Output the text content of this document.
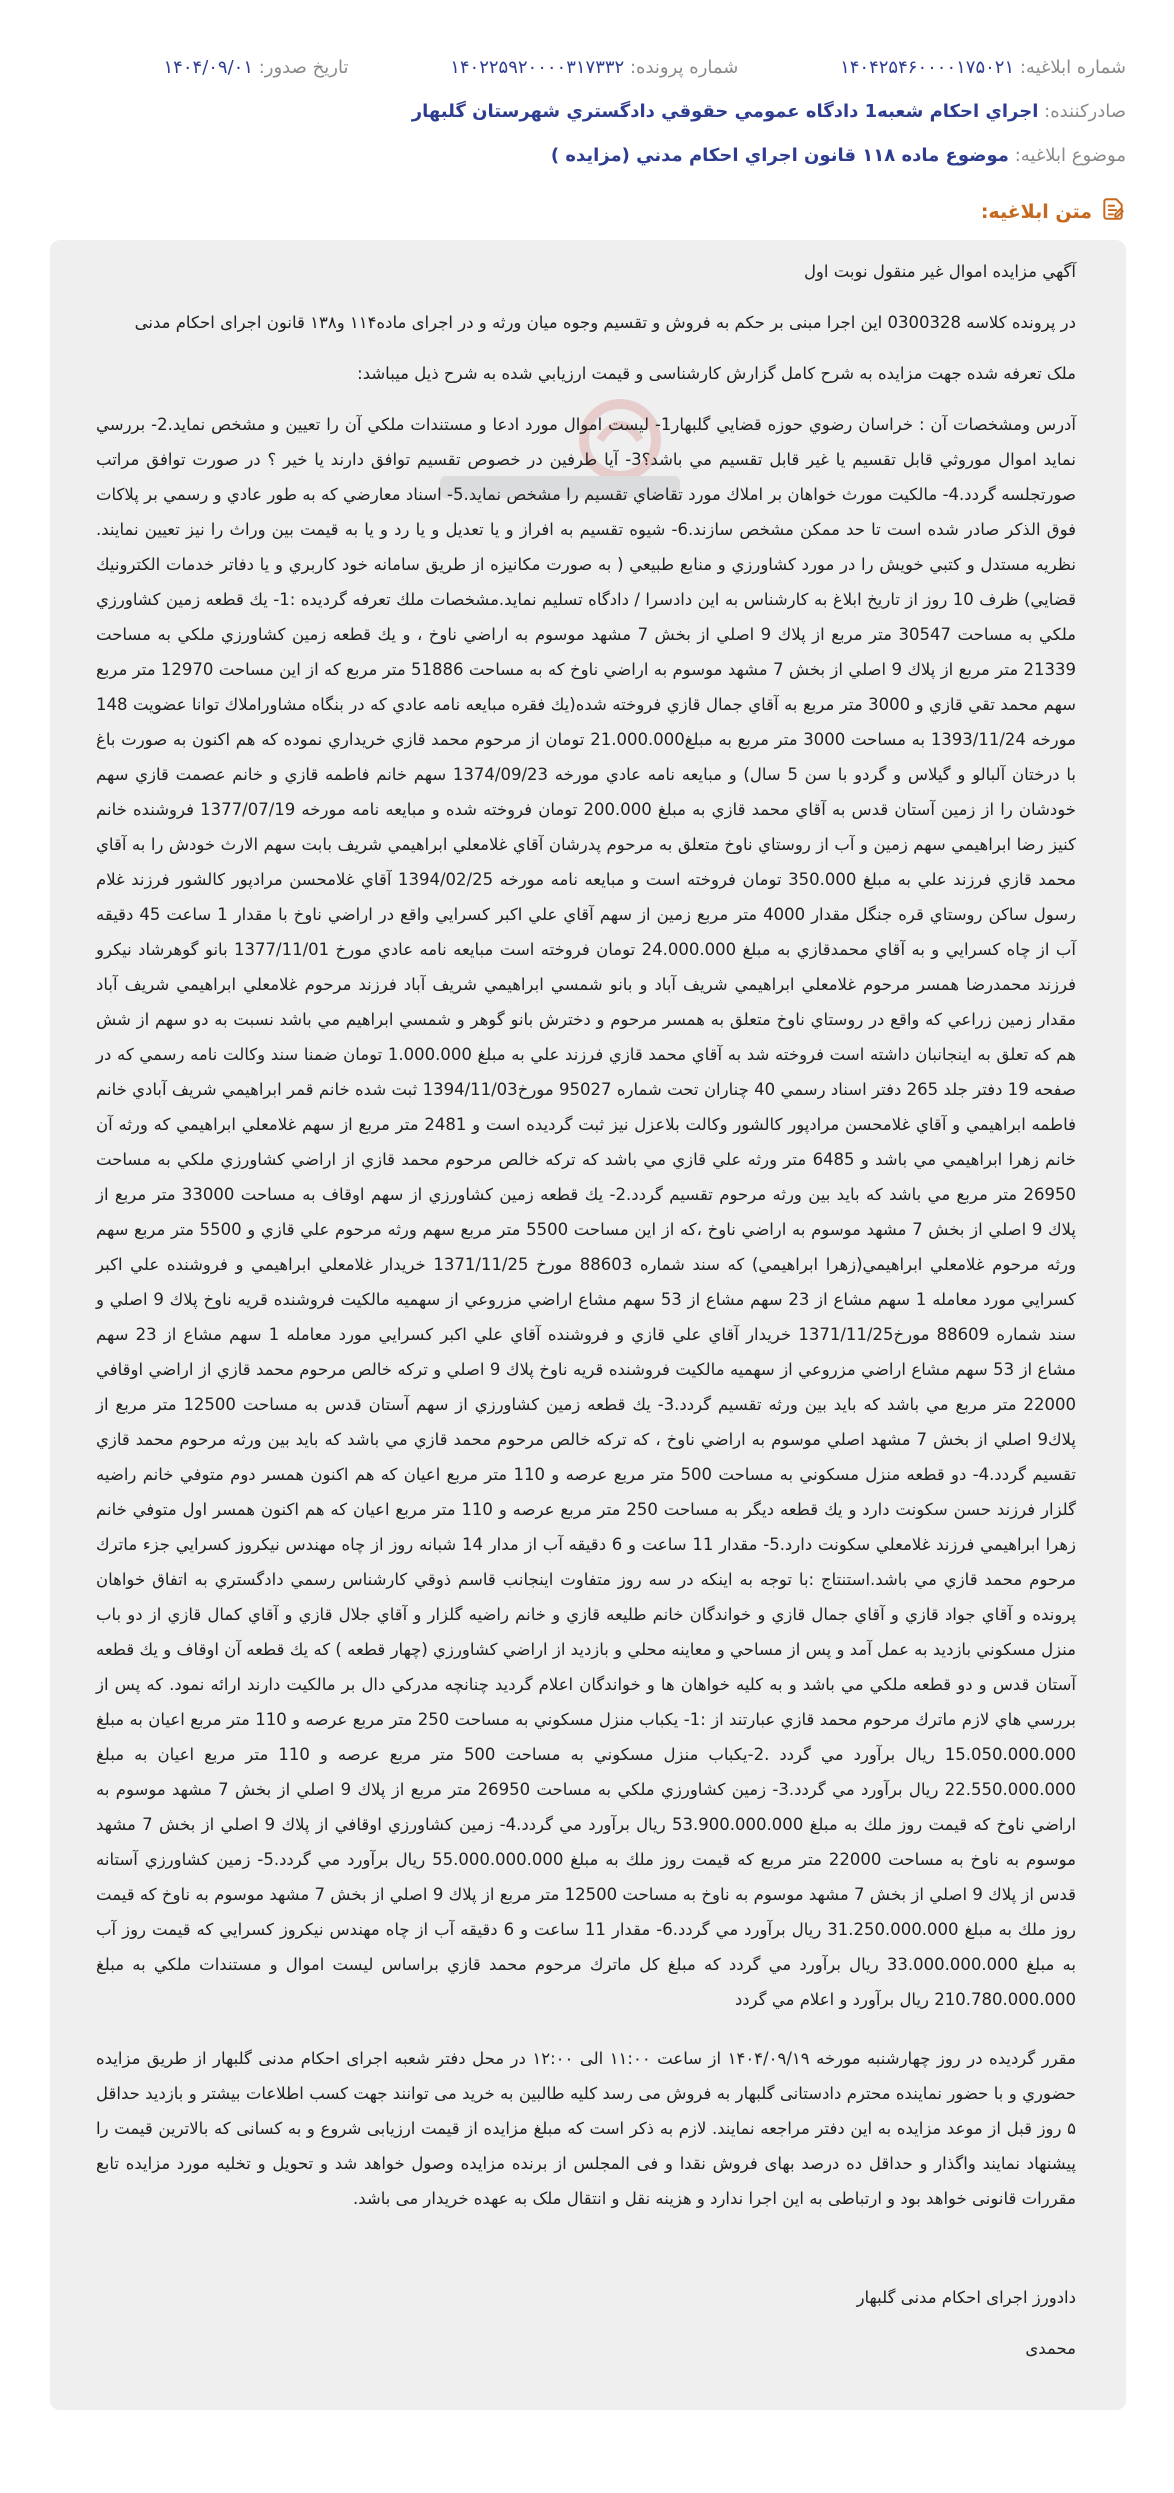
شماره ابلاغيه: ۱۴۰۴۲۵۴۶۰۰۰۰۱۷۵۰۲۱ شماره پرونده: ۱۴۰۲۲۵۹۲۰۰۰۰۳۱۷۳۳۲ تاريخ صدور: ۱۴۰۴/۰۹/۰۱
صادرکننده: اجراي احكام شعبه1 دادگاه عمومي حقوقي دادگستري شهرستان گلبهار
موضوع ابلاغيه: موضوع ماده ۱۱۸ قانون اجراي احکام مدني (مزايده )
متن ابلاغيه:

آگهي مزايده اموال غير منقول نوبت اول

در پرونده كلاسه 0300328 اين اجرا مبنی بر حکم به فروش و تقسیم وجوه میان ورثه و در اجرای ماده۱۱۴ و۱۳۸ قانون اجرای احکام مدنی

ملک تعرفه شده جهت مزایده به شرح کامل گزارش کارشناسی و قيمت ارزيابي شده به شرح ذيل ميباشد:

آدرس ومشخصات آن : خراسان رضوي حوزه قضايي گلبهار1- ليست اموال مورد ادعا و مستندات ملكي آن را تعيين و مشخص نمايد.2- بررسي نمايد اموال موروثي قابل تقسيم يا غير قابل تقسيم مي باشد؟3- آيا طرفين در خصوص تقسيم توافق دارند يا خير ؟ در صورت توافق مراتب صورتجلسه گردد.4- مالكيت مورث خواهان بر املاك مورد تقاضاي تقسيم را مشخص نمايد.5- اسناد معارضي كه به طور عادي و رسمي بر پلاكات فوق الذكر صادر شده است تا حد ممكن مشخص سازند.6- شيوه تقسيم به افراز و يا تعديل و يا رد و يا به قيمت بين وراث را نيز تعيين نمايند. نظريه مستدل و كتبي خويش را در مورد كشاورزي و منابع طبيعي ( به صورت مكانيزه از طريق سامانه خود كاربري و يا دفاتر خدمات الكترونيك قضايي) ظرف 10 روز از تاريخ ابلاغ به كارشناس به اين دادسرا / دادگاه تسليم نمايد.مشخصات ملك تعرفه گرديده :1- يك قطعه زمين كشاورزي ملكي به مساحت 30547 متر مربع از پلاك 9 اصلي از بخش 7 مشهد موسوم به اراضي ناوخ ، و يك قطعه زمين كشاورزي ملكي به مساحت 21339 متر مربع از پلاك 9 اصلي از بخش 7 مشهد موسوم به اراضي ناوخ كه به مساحت 51886 متر مربع كه از اين مساحت 12970 متر مربع سهم محمد تقي قازي و 3000 متر مربع به آقاي جمال قازي فروخته شده(يك فقره مبايعه نامه عادي كه در بنگاه مشاوراملاك توانا عضويت 148 مورخه 1393/11/24 به مساحت 3000 متر مربع به مبلغ21.000.000 تومان از مرحوم محمد قازي خريداري نموده كه هم اكنون به صورت باغ با درختان آلبالو و گيلاس و گردو با سن 5 سال) و مبايعه نامه عادي مورخه 1374/09/23 سهم خانم فاطمه قازي و خانم عصمت قازي سهم خودشان را از زمين آستان قدس به آقاي محمد قازي به مبلغ 200.000 تومان فروخته شده و مبايعه نامه مورخه 1377/07/19 فروشنده خانم كنيز رضا ابراهيمي سهم زمين و آب از روستاي ناوخ متعلق به مرحوم پدرشان آقاي غلامعلي ابراهيمي شريف بابت سهم الارث خودش را به آقاي محمد قازي فرزند علي به مبلغ 350.000 تومان فروخته است و مبايعه نامه مورخه 1394/02/25 آقاي غلامحسن مرادپور كالشور فرزند غلام رسول ساكن روستاي قره جنگل مقدار 4000 متر مربع زمين از سهم آقاي علي اكبر كسرايي واقع در اراضي ناوخ با مقدار 1 ساعت 45 دقيقه آب از چاه كسرايي و به آقاي محمدقازي به مبلغ 24.000.000 تومان فروخته است مبايعه نامه عادي مورخ 1377/11/01 بانو گوهرشاد نيكرو فرزند محمدرضا همسر مرحوم غلامعلي ابراهيمي شريف آباد و بانو شمسي ابراهيمي شريف آباد فرزند مرحوم غلامعلي ابراهيمي شريف آباد مقدار زمين زراعي كه واقع در روستاي ناوخ متعلق به همسر مرحوم و دخترش بانو گوهر و شمسي ابراهيم مي باشد نسبت به دو سهم از شش هم كه تعلق به اينجانبان داشته است فروخته شد به آقاي محمد قازي فرزند علي به مبلغ 1.000.000 تومان ضمنا سند وكالت نامه رسمي كه در صفحه 19 دفتر جلد 265 دفتر اسناد رسمي 40 چناران تحت شماره 95027 مورخ1394/11/03 ثبت شده خانم قمر ابراهيمي شريف آبادي خانم فاطمه ابراهيمي و آقاي غلامحسن مرادپور كالشور وكالت بلاعزل نيز ثبت گرديده است و 2481 متر مربع از سهم غلامعلي ابراهيمي كه ورثه آن خانم زهرا ابراهيمي مي باشد و 6485 متر ورثه علي قازي مي باشد كه تركه خالص مرحوم محمد قازي از اراضي كشاورزي ملكي به مساحت 26950 متر مربع مي باشد كه بايد بين ورثه مرحوم تقسيم گردد.2- يك قطعه زمين كشاورزي از سهم اوقاف به مساحت 33000 متر مربع از پلاك 9 اصلي از بخش 7 مشهد موسوم به اراضي ناوخ ،كه از اين مساحت 5500 متر مربع سهم ورثه مرحوم علي قازي و 5500 متر مربع سهم ورثه مرحوم غلامعلي ابراهيمي(زهرا ابراهيمي) كه سند شماره 88603 مورخ 1371/11/25 خريدار غلامعلي ابراهيمي و فروشنده علي اكبر كسرايي مورد معامله 1 سهم مشاع از 23 سهم مشاع از 53 سهم مشاع اراضي مزروعي از سهميه مالكيت فروشنده قريه ناوخ پلاك 9 اصلي و سند شماره 88609 مورخ1371/11/25 خريدار آقاي علي قازي و فروشنده آقاي علي اكبر كسرايي مورد معامله 1 سهم مشاع از 23 سهم مشاع از 53 سهم مشاع اراضي مزروعي از سهميه مالكيت فروشنده قريه ناوخ پلاك 9 اصلي و تركه خالص مرحوم محمد قازي از اراضي اوقافي 22000 متر مربع مي باشد كه بايد بين ورثه تقسيم گردد.3- يك قطعه زمين كشاورزي از سهم آستان قدس به مساحت 12500 متر مربع از پلاك9 اصلي از بخش 7 مشهد اصلي موسوم به اراضي ناوخ ، كه تركه خالص مرحوم محمد قازي مي باشد كه بايد بين ورثه مرحوم محمد قازي تقسيم گردد.4- دو قطعه منزل مسكوني به مساحت 500 متر مربع عرصه و 110 متر مربع اعيان كه هم اكنون همسر دوم متوفي خانم راضيه گلزار فرزند حسن سكونت دارد و يك قطعه ديگر به مساحت 250 متر مربع عرصه و 110 متر مربع اعيان كه هم اكنون همسر اول متوفي خانم زهرا ابراهيمي فرزند غلامعلي سكونت دارد.5- مقدار 11 ساعت و 6 دقيقه آب از مدار 14 شبانه روز از چاه مهندس نيكروز كسرايي جزء ماترك مرحوم محمد قازي مي باشد.استنتاج :با توجه به اينكه در سه روز متفاوت اينجانب قاسم ذوقي كارشناس رسمي دادگستري به اتفاق خواهان پرونده و آقاي جواد قازي و آقاي جمال قازي و خواندگان خانم طليعه قازي و خانم راضيه گلزار و آقاي جلال قازي و آقاي كمال قازي از دو باب منزل مسكوني بازديد به عمل آمد و پس از مساحي و معاينه محلي و بازديد از اراضي كشاورزي (چهار قطعه ) كه يك قطعه آن اوقاف و يك قطعه آستان قدس و دو قطعه ملكي مي باشد و به كليه خواهان ها و خواندگان اعلام گرديد چنانچه مدركي دال بر مالكيت دارند ارائه نمود. كه پس از بررسي هاي لازم ماترك مرحوم محمد قازي عبارتند از :1- يكباب منزل مسكوني به مساحت 250 متر مربع عرصه و 110 متر مربع اعيان به مبلغ 15.050.000.000 ريال برآورد مي گردد .2-يكباب منزل مسكوني به مساحت 500 متر مربع عرصه و 110 متر مربع اعيان به مبلغ 22.550.000.000 ريال برآورد مي گردد.3- زمين كشاورزي ملكي به مساحت 26950 متر مربع از پلاك 9 اصلي از بخش 7 مشهد موسوم به اراضي ناوخ كه قيمت روز ملك به مبلغ 53.900.000.000 ريال برآورد مي گردد.4- زمين كشاورزي اوقافي از پلاك 9 اصلي از بخش 7 مشهد موسوم به ناوخ به مساحت 22000 متر مربع كه قيمت روز ملك به مبلغ 55.000.000.000 ريال برآورد مي گردد.5- زمين كشاورزي آستانه قدس از پلاك 9 اصلي از بخش 7 مشهد موسوم به ناوخ به مساحت 12500 متر مربع از پلاك 9 اصلي از بخش 7 مشهد موسوم به ناوخ كه قيمت روز ملك به مبلغ 31.250.000.000 ريال برآورد مي گردد.6- مقدار 11 ساعت و 6 دقيقه آب از چاه مهندس نيكروز كسرايي كه قيمت روز آب به مبلغ 33.000.000.000 ريال برآورد مي گردد كه مبلغ كل ماترك مرحوم محمد قازي براساس ليست اموال و مستندات ملكي به مبلغ 210.780.000.000 ريال برآورد و اعلام مي گردد

مقرر گرديده در روز چهارشنبه مورخه ۱۴۰۴/۰۹/۱۹ از ساعت ۱۱:۰۰ الی ۱۲:۰۰ در محل دفتر شعبه اجرای احكام مدنی گلبهار از طریق مزايده حضوري و با حضور نماینده محترم دادستانی گلبهار به فروش می رسد کلیه طالبین به خرید می توانند جهت کسب اطلاعات بیشتر و بازدید حداقل ۵ روز قبل از موعد مزایده به این دفتر مراجعه نمایند. لازم به ذکر است که مبلغ مزایده از قیمت ارزیابی شروع و به کسانی که بالاترین قیمت را پیشنهاد نمایند واگذار و حداقل ده درصد بهای فروش نقدا و فی المجلس از برنده مزایده وصول خواهد شد و تحویل و تخلیه مورد مزایده تابع مقررات قانونی خواهد بود و ارتباطی به این اجرا ندارد و هزینه نقل و انتقال ملک به عهده خریدار می باشد.

دادورز اجرای احکام مدنی گلبهار
محمدی
